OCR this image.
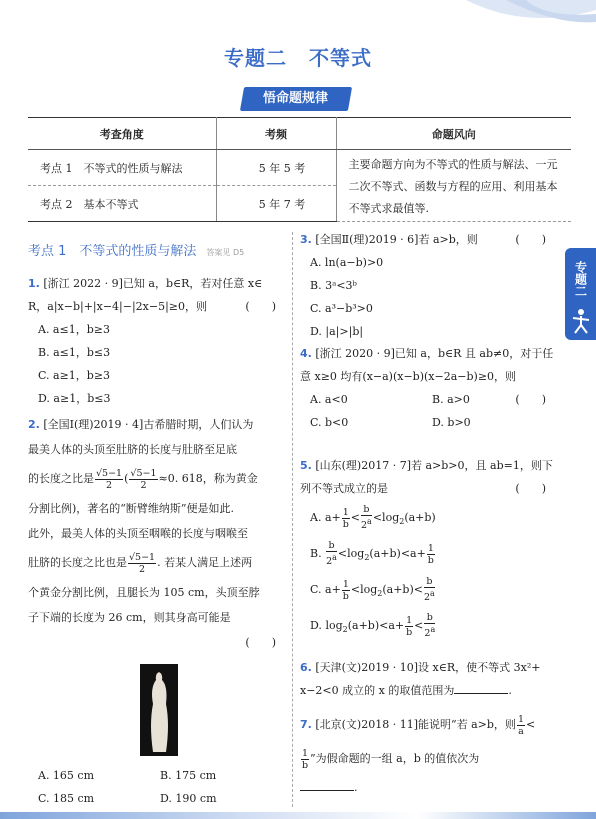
专题二 不等式
悟命题规律
考查角度	考频	命题风向
考点 1　不等式的性质与解法	5 年 5 考	主要命题方向为不等式的性质与解法、一元二次不等式、函数与方程的应用、利用基本不等式求最值等.
考点 2　基本不等式	5 年 7 考	
专题二
考点 1　不等式的性质与解法 答案见 D5
1. [浙江 2022 · 9]已知 a，b∈R，若对任意 x∈
R，a|x−b|+|x−4|−|2x−5|≥0，则	(　　)
A. a≤1，b≥3
B. a≤1，b≤3
C. a≥1，b≥3
D. a≥1，b≤3
2. [全国Ⅰ(理)2019 · 4]古希腊时期，人们认为
最美人体的头顶至肚脐的长度与肚脐至足底
的长度之比是 $\frac{√5-1}{2}$ ( $\frac{√5-1}{2} \approx 0$. 618，称为黄金
分割比例)，著名的“断臂维纳斯”便是如此.
此外，最美人体的头顶至咽喉的长度与咽喉至
肚脐的长度之比也是 $\frac{√5-1}{2}$ . 若某人满足上述两
个黄金分割比例，且腿长为 105 cm，头顶至脖
子下端的长度为 26 cm，则其身高可能是
(　　)
A. 165 cm	B. 175 cm
C. 185 cm	D. 190 cm
3. [全国Ⅱ(理)2019 · 6]若 a>b，则	(　　)
A. ln(a−b)>0
B. 3ᵃ<3ᵇ
C. a³−b³>0
D. |a|>|b|
4. [浙江 2020 · 9]已知 a，b∈R 且 ab≠0，对于任
意 x≥0 均有(x−a)(x−b)(x−2a−b)≥0，则
(　　)
A. a<0	B. a>0
C. b<0	D. b>0
5. [山东(理)2017 · 7]若 a>b>0，且 ab=1，则下
列不等式成立的是	(　　)
A. $a+ \frac{1}{b} < \frac{b}{2^a} <\log_2(a+b)$
B. $\frac{b}{2^a} <\log_2(a+b)<a+ \frac{1}{b}$
C. $a+ \frac{1}{b} <\log_2(a+b)< \frac{b}{2^a}$
D. $\log_2(a+b)<a+ \frac{1}{b} < \frac{b}{2^a}$
6. [天津(文)2019 · 10]设 x∈R，使不等式 3x²+
x−2<0 成立的 x 的取值范围为	.
7. [北京(文)2018 · 11]能说明“若 a>b，则 $\frac{1}{a}$ <
$\frac{1}{b}$ ”为假命题的一组 a，b 的值依次为
.
